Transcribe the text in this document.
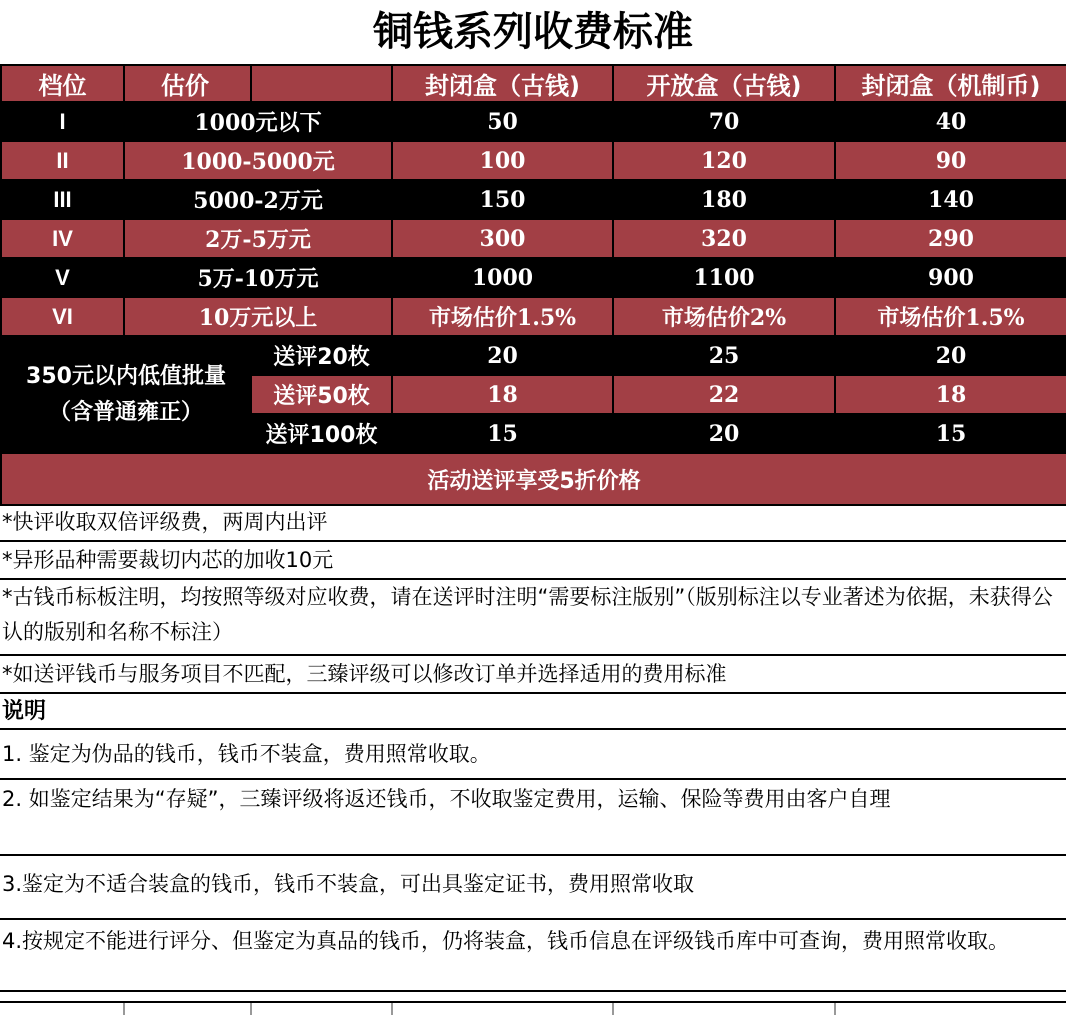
铜钱系列收费标准
档位	估价		封闭盒（古钱)	开放盒（古钱)	封闭盒（机制币)
I	1000元以下		50	70	40
II	1000-5000元		100	120	90
III	5000-2万元		150	180	140
IV	2万-5万元		300	320	290
V	5万-10万元		1000	1100	900
VI	10万元以上		市场估价1.5%	市场估价2%	市场估价1.5%

350元以内低值批量
（含普通雍正）		送评20枚	20	25	20
		送评50枚	18	22	18
		送评100枚	15	20	15
活动送评享受5折价格					
*快评收取双倍评级费，两周内出评
*异形品种需要裁切内芯的加收10元
*古钱币标板注明，均按照等级对应收费，请在送评时注明“需要标注版别”（版别标注以专业著述为依据，未获得公认的版别和名称不标注）
*如送评钱币与服务项目不匹配，三臻评级可以修改订单并选择适用的费用标准
说明
1. 鉴定为伪品的钱币，钱币不装盒，费用照常收取。
2. 如鉴定结果为“存疑”，三臻评级将返还钱币，不收取鉴定费用，运输、保险等费用由客户自理
3.鉴定为不适合装盒的钱币，钱币不装盒，可出具鉴定证书，费用照常收取
4.按规定不能进行评分、但鉴定为真品的钱币，仍将装盒，钱币信息在评级钱币库中可查询，费用照常收取。
